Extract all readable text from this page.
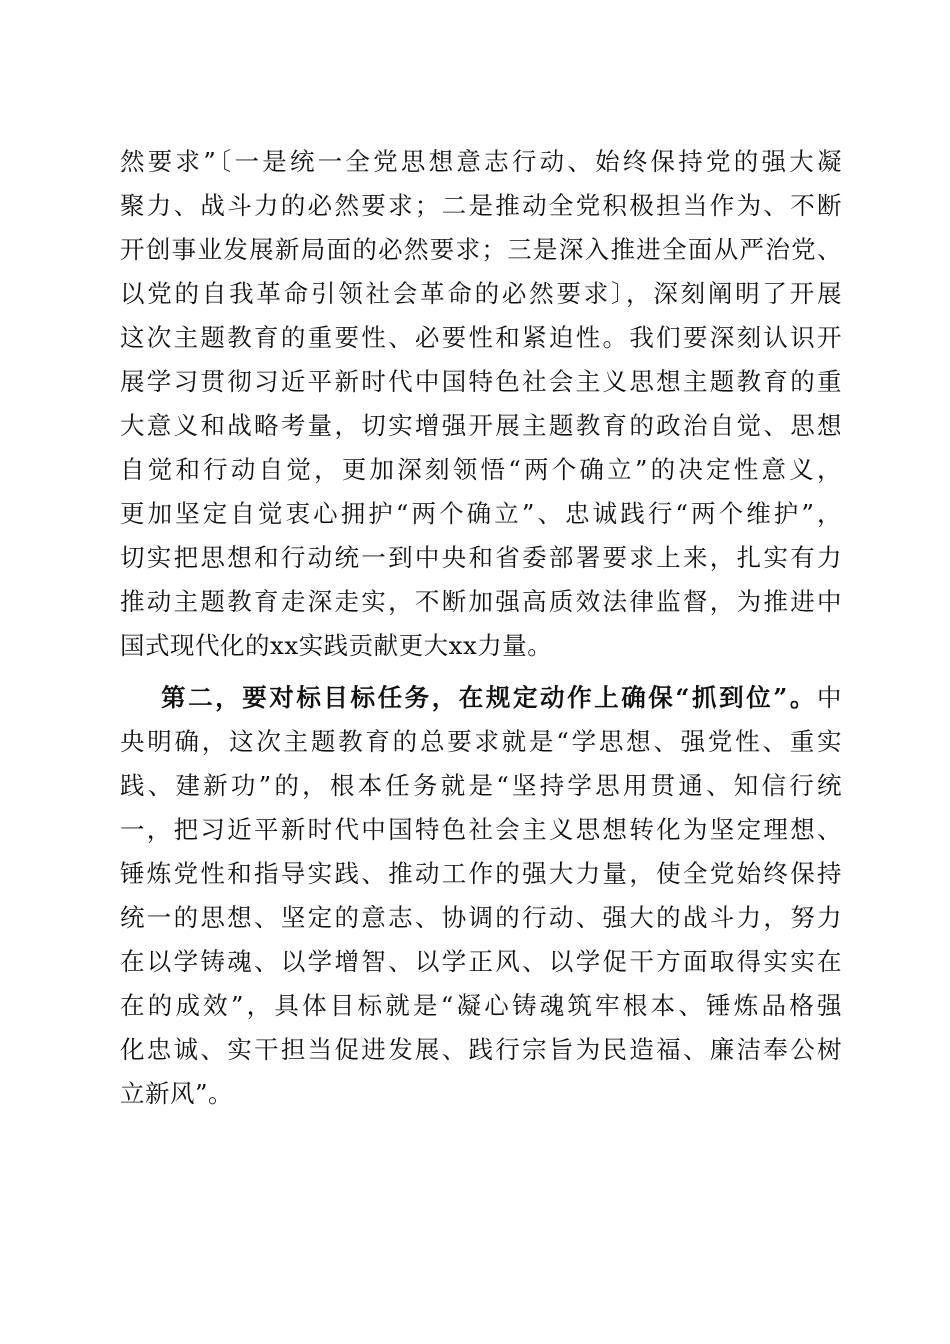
然要求”〔一是统一全党思想意志行动、始终保持党的强大凝
聚力、战斗力的必然要求；二是推动全党积极担当作为、不断
开创事业发展新局面的必然要求；三是深入推进全面从严治党、
以党的自我革命引领社会革命的必然要求〕，深刻阐明了开展
这次主题教育的重要性、必要性和紧迫性。我们要深刻认识开
展学习贯彻习近平新时代中国特色社会主义思想主题教育的重
大意义和战略考量，切实增强开展主题教育的政治自觉、思想
自觉和行动自觉，更加深刻领悟“两个确立”的决定性意义，
更加坚定自觉衷心拥护“两个确立”、忠诚践行“两个维护”，
切实把思想和行动统一到中央和省委部署要求上来，扎实有力
推动主题教育走深走实，不断加强高质效法律监督，为推进中
国式现代化的xx实践贡献更大xx力量。
第二，要对标目标任务，在规定动作上确保“抓到位”。中
央明确，这次主题教育的总要求就是“学思想、强党性、重实
践、建新功”的，根本任务就是“坚持学思用贯通、知信行统
一，把习近平新时代中国特色社会主义思想转化为坚定理想、
锤炼党性和指导实践、推动工作的强大力量，使全党始终保持
统一的思想、坚定的意志、协调的行动、强大的战斗力，努力
在以学铸魂、以学增智、以学正风、以学促干方面取得实实在
在的成效”，具体目标就是“凝心铸魂筑牢根本、锤炼品格强
化忠诚、实干担当促进发展、践行宗旨为民造福、廉洁奉公树
立新风”。
